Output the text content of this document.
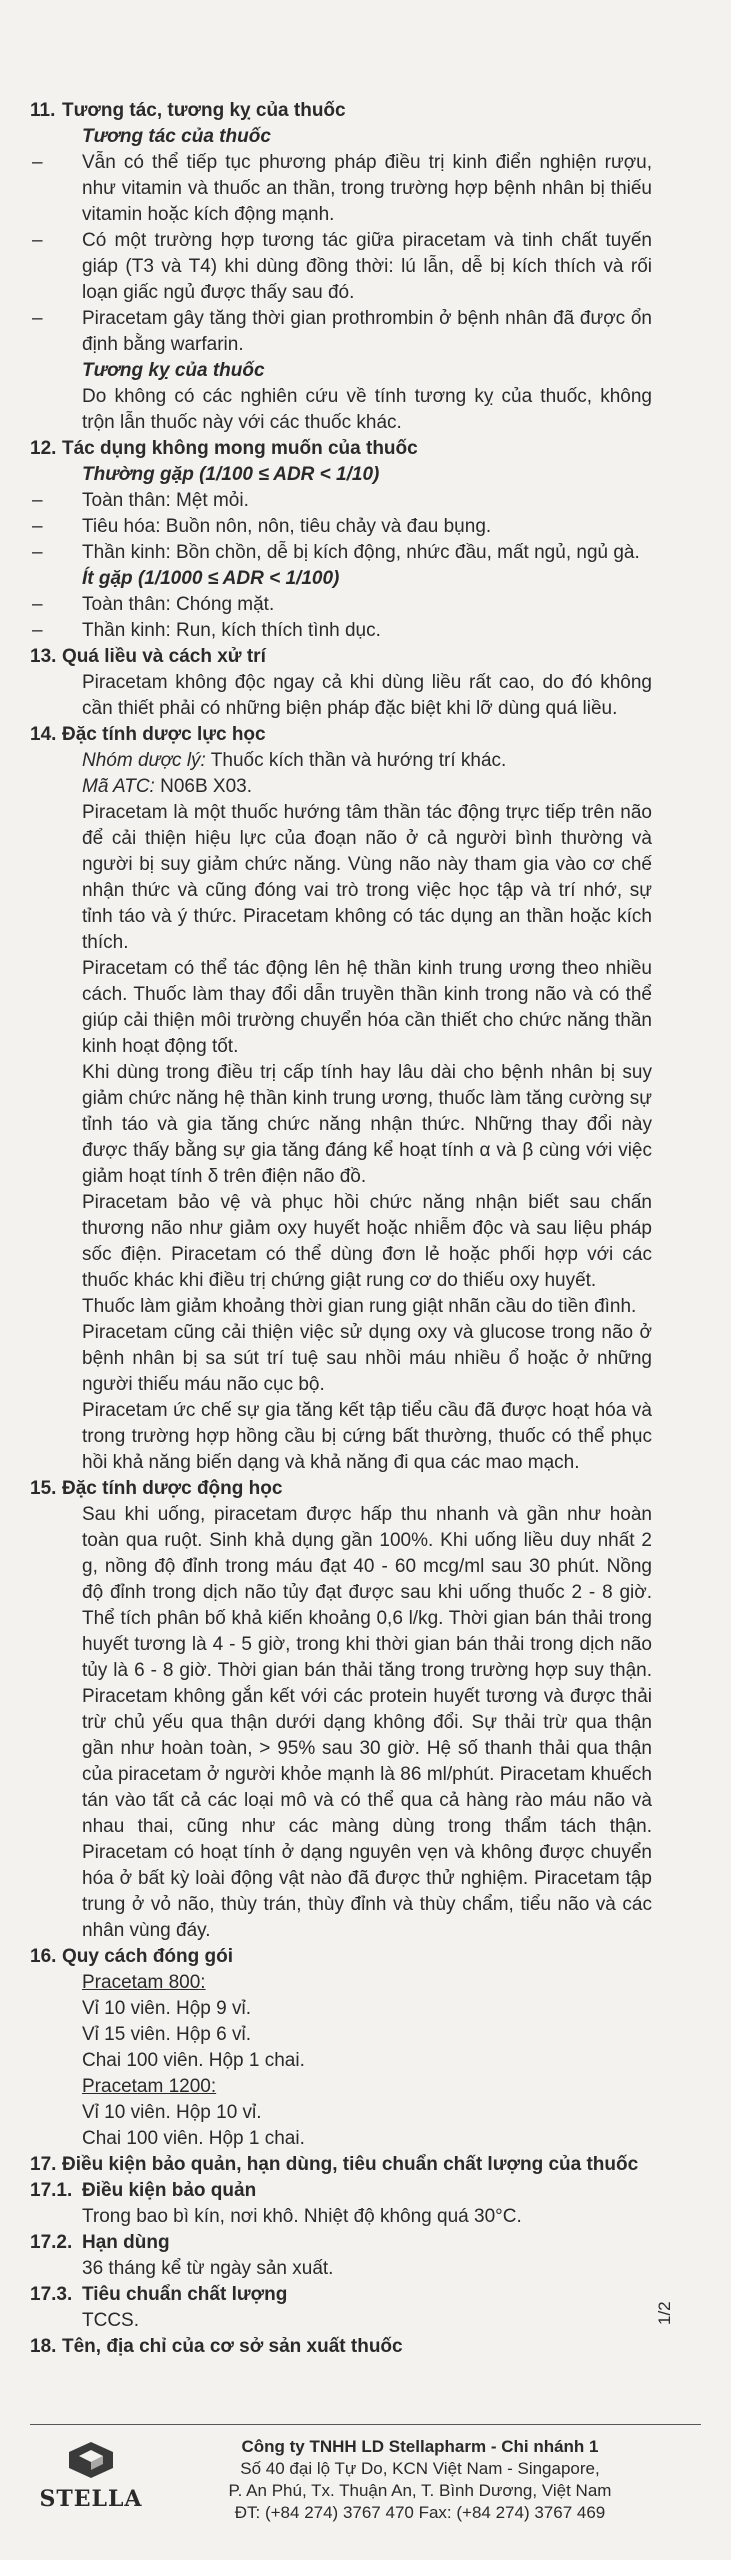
11. Tương tác, tương kỵ của thuốc
Tương tác của thuốc
–	Vẫn có thể tiếp tục phương pháp điều trị kinh điển nghiện rượu, như vitamin và thuốc an thần, trong trường hợp bệnh nhân bị thiếu vitamin hoặc kích động mạnh.
–	Có một trường hợp tương tác giữa piracetam và tinh chất tuyến giáp (T3 và T4) khi dùng đồng thời: lú lẫn, dễ bị kích thích và rối loạn giấc ngủ được thấy sau đó.
–	Piracetam gây tăng thời gian prothrombin ở bệnh nhân đã được ổn định bằng warfarin.
Tương kỵ của thuốc
Do không có các nghiên cứu về tính tương kỵ của thuốc, không trộn lẫn thuốc này với các thuốc khác.
12. Tác dụng không mong muốn của thuốc
Thường gặp (1/100 ≤ ADR < 1/10)
–	Toàn thân: Mệt mỏi.
–	Tiêu hóa: Buồn nôn, nôn, tiêu chảy và đau bụng.
–	Thần kinh: Bồn chồn, dễ bị kích động, nhức đầu, mất ngủ, ngủ gà.
Ít gặp (1/1000 ≤ ADR < 1/100)
–	Toàn thân: Chóng mặt.
–	Thần kinh: Run, kích thích tình dục.
13. Quá liều và cách xử trí
Piracetam không độc ngay cả khi dùng liều rất cao, do đó không cần thiết phải có những biện pháp đặc biệt khi lỡ dùng quá liều.
14. Đặc tính dược lực học
Nhóm dược lý: Thuốc kích thần và hướng trí khác.
Mã ATC: N06B X03.
Piracetam là một thuốc hướng tâm thần tác động trực tiếp trên não để cải thiện hiệu lực của đoạn não ở cả người bình thường và người bị suy giảm chức năng. Vùng não này tham gia vào cơ chế nhận thức và cũng đóng vai trò trong việc học tập và trí nhớ, sự tỉnh táo và ý thức. Piracetam không có tác dụng an thần hoặc kích thích.
Piracetam có thể tác động lên hệ thần kinh trung ương theo nhiều cách. Thuốc làm thay đổi dẫn truyền thần kinh trong não và có thể giúp cải thiện môi trường chuyển hóa cần thiết cho chức năng thần kinh hoạt động tốt.
Khi dùng trong điều trị cấp tính hay lâu dài cho bệnh nhân bị suy giảm chức năng hệ thần kinh trung ương, thuốc làm tăng cường sự tỉnh táo và gia tăng chức năng nhận thức. Những thay đổi này được thấy bằng sự gia tăng đáng kể hoạt tính α và β cùng với việc giảm hoạt tính δ trên điện não đồ.
Piracetam bảo vệ và phục hồi chức năng nhận biết sau chấn thương não như giảm oxy huyết hoặc nhiễm độc và sau liệu pháp sốc điện. Piracetam có thể dùng đơn lẻ hoặc phối hợp với các thuốc khác khi điều trị chứng giật rung cơ do thiếu oxy huyết.
Thuốc làm giảm khoảng thời gian rung giật nhãn cầu do tiền đình.
Piracetam cũng cải thiện việc sử dụng oxy và glucose trong não ở bệnh nhân bị sa sút trí tuệ sau nhồi máu nhiều ổ hoặc ở những người thiếu máu não cục bộ.
Piracetam ức chế sự gia tăng kết tập tiểu cầu đã được hoạt hóa và trong trường hợp hồng cầu bị cứng bất thường, thuốc có thể phục hồi khả năng biến dạng và khả năng đi qua các mao mạch.
15. Đặc tính dược động học
Sau khi uống, piracetam được hấp thu nhanh và gần như hoàn toàn qua ruột. Sinh khả dụng gần 100%. Khi uống liều duy nhất 2 g, nồng độ đỉnh trong máu đạt 40 - 60 mcg/ml sau 30 phút. Nồng độ đỉnh trong dịch não tủy đạt được sau khi uống thuốc 2 - 8 giờ. Thể tích phân bố khả kiến khoảng 0,6 l/kg. Thời gian bán thải trong huyết tương là 4 - 5 giờ, trong khi thời gian bán thải trong dịch não tủy là 6 - 8 giờ. Thời gian bán thải tăng trong trường hợp suy thận. Piracetam không gắn kết với các protein huyết tương và được thải trừ chủ yếu qua thận dưới dạng không đổi. Sự thải trừ qua thận gần như hoàn toàn, > 95% sau 30 giờ. Hệ số thanh thải qua thận của piracetam ở người khỏe mạnh là 86 ml/phút. Piracetam khuếch tán vào tất cả các loại mô và có thể qua cả hàng rào máu não và nhau thai, cũng như các màng dùng trong thẩm tách thận. Piracetam có hoạt tính ở dạng nguyên vẹn và không được chuyển hóa ở bất kỳ loài động vật nào đã được thử nghiệm. Piracetam tập trung ở vỏ não, thùy trán, thùy đỉnh và thùy chẩm, tiểu não và các nhân vùng đáy.
16. Quy cách đóng gói
Pracetam 800:
Vỉ 10 viên. Hộp 9 vỉ.
Vỉ 15 viên. Hộp 6 vỉ.
Chai 100 viên. Hộp 1 chai.
Pracetam 1200:
Vỉ 10 viên. Hộp 10 vỉ.
Chai 100 viên. Hộp 1 chai.
17. Điều kiện bảo quản, hạn dùng, tiêu chuẩn chất lượng của thuốc
17.1. Điều kiện bảo quản
Trong bao bì kín, nơi khô. Nhiệt độ không quá 30°C.
17.2. Hạn dùng
36 tháng kể từ ngày sản xuất.
17.3. Tiêu chuẩn chất lượng
TCCS.
18. Tên, địa chỉ của cơ sở sản xuất thuốc
1/2
STELLA
Công ty TNHH LD Stellapharm - Chi nhánh 1
Số 40 đại lộ Tự Do, KCN Việt Nam - Singapore,
P. An Phú, Tx. Thuận An, T. Bình Dương, Việt Nam
ĐT: (+84 274) 3767 470 Fax: (+84 274) 3767 469
